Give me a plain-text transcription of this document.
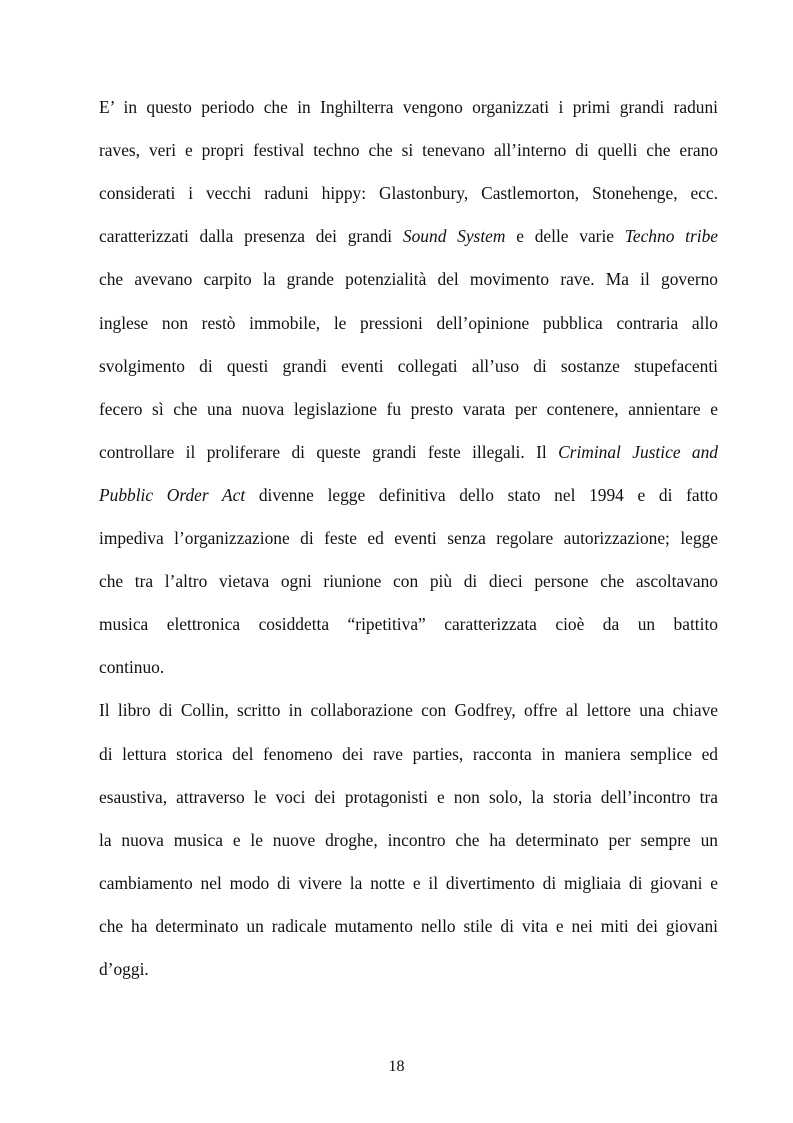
E’ in questo periodo che in Inghilterra vengono organizzati i primi grandi raduni
raves, veri e propri festival techno che si tenevano all’interno di quelli che erano
considerati i vecchi raduni hippy: Glastonbury, Castlemorton, Stonehenge, ecc.
caratterizzati dalla presenza dei grandi Sound System e delle varie Techno tribe
che avevano carpito la grande potenzialità del movimento rave. Ma il governo
inglese non restò immobile, le pressioni dell’opinione pubblica contraria allo
svolgimento di questi grandi eventi collegati all’uso di sostanze stupefacenti
fecero sì che una nuova legislazione fu presto varata per contenere, annientare e
controllare il proliferare di queste grandi feste illegali. Il Criminal Justice and
Pubblic Order Act divenne legge definitiva dello stato nel 1994 e di fatto
impediva l’organizzazione di feste ed eventi senza regolare autorizzazione; legge
che tra l’altro vietava ogni riunione con più di dieci persone che ascoltavano
musica elettronica cosiddetta “ripetitiva” caratterizzata cioè da un battito
continuo.
Il libro di Collin, scritto in collaborazione con Godfrey, offre al lettore una chiave
di lettura storica del fenomeno dei rave parties, racconta in maniera semplice ed
esaustiva, attraverso le voci dei protagonisti e non solo, la storia dell’incontro tra
la nuova musica e le nuove droghe, incontro che ha determinato per sempre un
cambiamento nel modo di vivere la notte e il divertimento di migliaia di giovani e
che ha determinato un radicale mutamento nello stile di vita e nei miti dei giovani
d’oggi.
18
